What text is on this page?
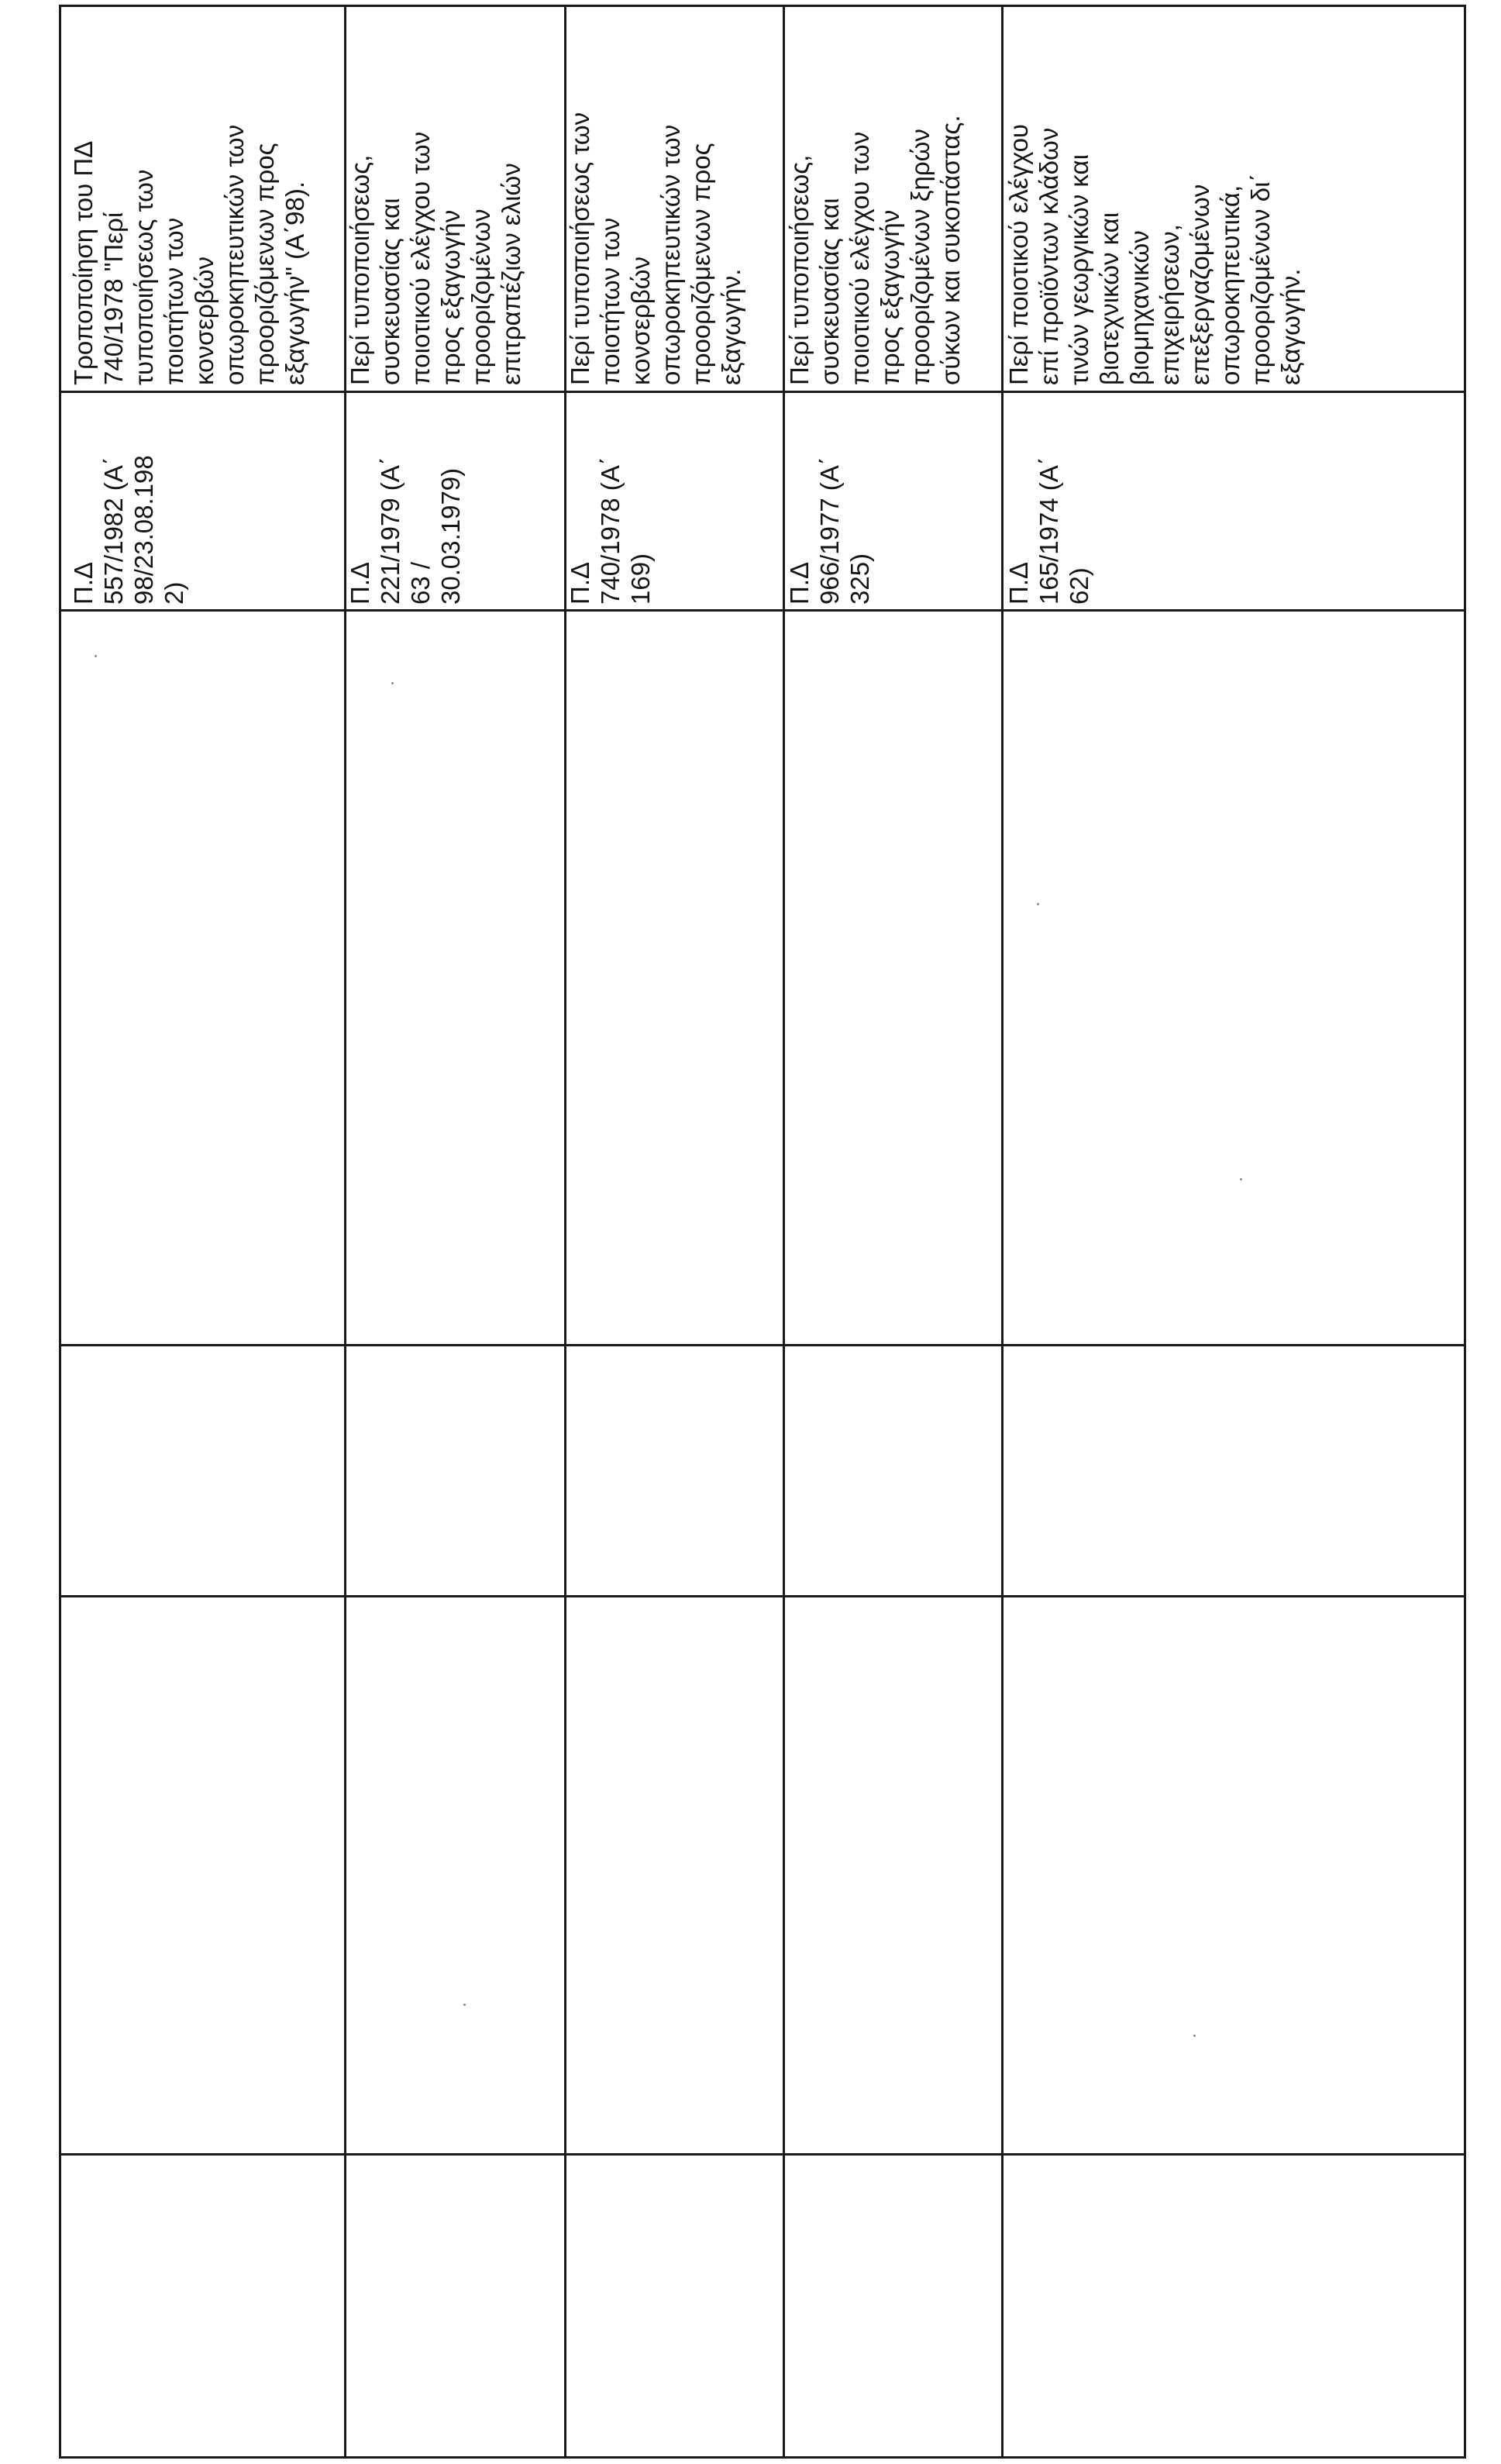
Τροποποίηση του ΠΔ
740/1978 "Περί
τυποποιήσεως των
ποιοτήτων των
κονσερβών
οπωροκηπευτικών των
προοριζόμενων προς
εξαγωγήν" (Α΄98).
Π.Δ
557/1982 (Α΄
98/23.08.198
2)
Περί τυποποιήσεως,
συσκευασίας και
ποιοτικού ελέγχου των
προς εξαγωγήν
προοριζομένων
επιτραπέζιων ελιών
Π.Δ
221/1979 (Α΄
63 /
30.03.1979)
Περί τυποποιήσεως των
ποιοτήτων των
κονσερβών
οπωροκηπευτικών των
προοριζόμενων προς
εξαγωγήν.
Π.Δ
740/1978 (Α΄
169)
Περί τυποποιήσεως,
συσκευασίας και
ποιοτικού ελέγχου των
προς εξαγωγήν
προοριζομένων ξηρών
σύκων και συκοπάστας.
Π.Δ
966/1977 (Α΄
325)
Περί ποιοτικού ελέγχου
επί προϊόντων κλάδων
τινών γεωργικών και
βιοτεχνικών και
βιομηχανικών
επιχειρήσεων,
επεξεργαζομένων
οπωροκηπευτικά,
προοριζομένων δι΄
εξαγωγήν.
Π.Δ
165/1974 (Α΄
62)
